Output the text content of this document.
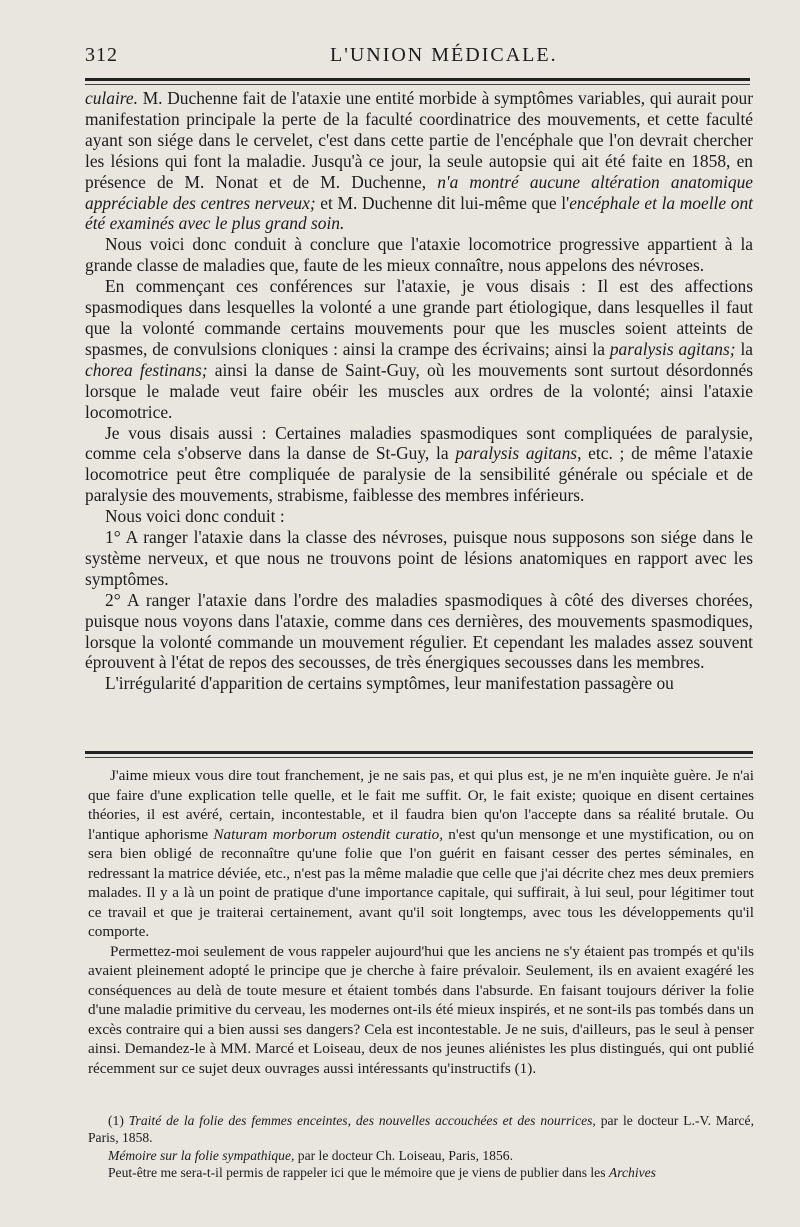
312	L'UNION MÉDICALE.

culaire. M. Duchenne fait de l'ataxie une entité morbide à symptômes variables, qui aurait pour manifestation principale la perte de la faculté coordinatrice des mouvements, et cette faculté ayant son siége dans le cervelet, c'est dans cette partie de l'encéphale que l'on devrait chercher les lésions qui font la maladie. Jusqu'à ce jour, la seule autopsie qui ait été faite en 1858, en présence de M. Nonat et de M. Duchenne, n'a montré aucune altération anatomique appréciable des centres nerveux; et M. Duchenne dit lui-même que l'encéphale et la moelle ont été examinés avec le plus grand soin.

Nous voici donc conduit à conclure que l'ataxie locomotrice progressive appartient à la grande classe de maladies que, faute de les mieux connaître, nous appelons des névroses.

En commençant ces conférences sur l'ataxie, je vous disais : Il est des affections spasmodiques dans lesquelles la volonté a une grande part étiologique, dans lesquelles il faut que la volonté commande certains mouvements pour que les muscles soient atteints de spasmes, de convulsions cloniques : ainsi la crampe des écrivains; ainsi la paralysis agitans; la chorea festinans; ainsi la danse de Saint-Guy, où les mouvements sont surtout désordonnés lorsque le malade veut faire obéir les muscles aux ordres de la volonté; ainsi l'ataxie locomotrice.

Je vous disais aussi : Certaines maladies spasmodiques sont compliquées de paralysie, comme cela s'observe dans la danse de St-Guy, la paralysis agitans, etc. ; de même l'ataxie locomotrice peut être compliquée de paralysie de la sensibilité générale ou spéciale et de paralysie des mouvements, strabisme, faiblesse des membres inférieurs.

Nous voici donc conduit :

1° A ranger l'ataxie dans la classe des névroses, puisque nous supposons son siége dans le système nerveux, et que nous ne trouvons point de lésions anatomiques en rapport avec les symptômes.

2° A ranger l'ataxie dans l'ordre des maladies spasmodiques à côté des diverses chorées, puisque nous voyons dans l'ataxie, comme dans ces dernières, des mouvements spasmodiques, lorsque la volonté commande un mouvement régulier. Et cependant les malades assez souvent éprouvent à l'état de repos des secousses, de très énergiques secousses dans les membres.

L'irrégularité d'apparition de certains symptômes, leur manifestation passagère ou

J'aime mieux vous dire tout franchement, je ne sais pas, et qui plus est, je ne m'en inquiète guère. Je n'ai que faire d'une explication telle quelle, et le fait me suffit. Or, le fait existe; quoique en disent certaines théories, il est avéré, certain, incontestable, et il faudra bien qu'on l'accepte dans sa réalité brutale. Ou l'antique aphorisme Naturam morborum ostendit curatio, n'est qu'un mensonge et une mystification, ou on sera bien obligé de reconnaître qu'une folie que l'on guérit en faisant cesser des pertes séminales, en redressant la matrice déviée, etc., n'est pas la même maladie que celle que j'ai décrite chez mes deux premiers malades. Il y a là un point de pratique d'une importance capitale, qui suffirait, à lui seul, pour légitimer tout ce travail et que je traiterai certainement, avant qu'il soit longtemps, avec tous les développements qu'il comporte.

Permettez-moi seulement de vous rappeler aujourd'hui que les anciens ne s'y étaient pas trompés et qu'ils avaient pleinement adopté le principe que je cherche à faire prévaloir. Seulement, ils en avaient exagéré les conséquences au delà de toute mesure et étaient tombés dans l'absurde. En faisant toujours dériver la folie d'une maladie primitive du cerveau, les modernes ont-ils été mieux inspirés, et ne sont-ils pas tombés dans un excès contraire qui a bien aussi ses dangers? Cela est incontestable. Je ne suis, d'ailleurs, pas le seul à penser ainsi. Demandez-le à MM. Marcé et Loiseau, deux de nos jeunes aliénistes les plus distingués, qui ont publié récemment sur ce sujet deux ouvrages aussi intéressants qu'instructifs (1).

(1) Traité de la folie des femmes enceintes, des nouvelles accouchées et des nourrices, par le docteur L.-V. Marcé, Paris, 1858.

Mémoire sur la folie sympathique, par le docteur Ch. Loiseau, Paris, 1856.

Peut-être me sera-t-il permis de rappeler ici que le mémoire que je viens de publier dans les Archives
